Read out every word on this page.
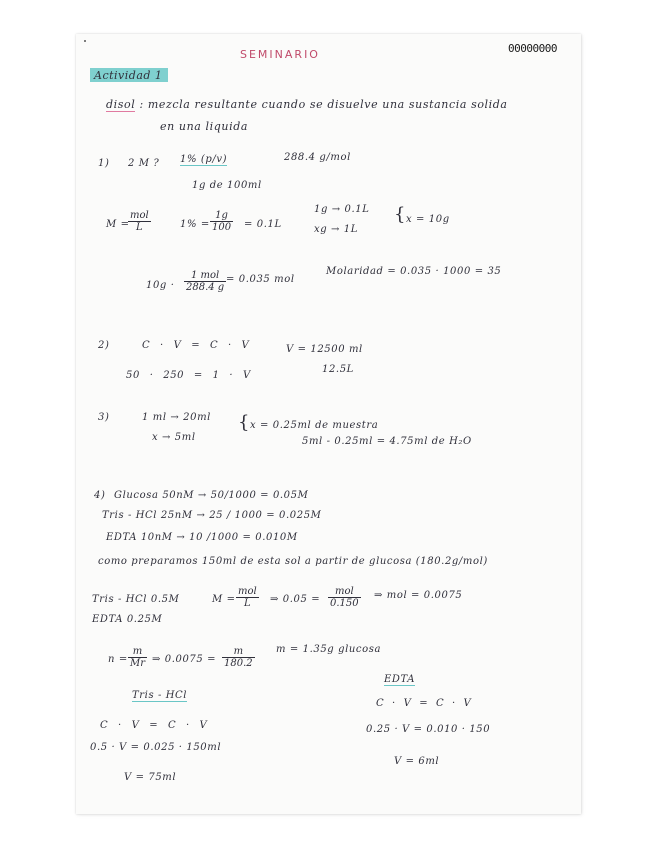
SEMINARIO	00000000
Actividad 1
disol : mezcla resultante cuando se disuelve una sustancia solida
en una liquida
1) 2 M ? 1% (p/v)	288.4 g/mol
1g de 100ml
M =
mol
L	$1\% = \frac{1g}{100} = 0.1L$
1g → 0.1L
xg → 1L
{ x = 10g
10g ·
1 mol
288.4 g
= 0.035 mol
Molaridad = 0.035 · 1000 = 35
2)	C · V = C · V	V = 12500 ml
50 · 250 = 1 · V
12.5L
3)	1 ml → 20ml
x → 5ml
{ x = 0.25ml de muestra
5ml - 0.25ml = 4.75ml de H₂O
4) Glucosa 50nM → 50/1000 = 0.05M
Tris - HCl 25nM → 25 / 1000 = 0.025M
EDTA 10nM → 10 /1000 = 0.010M
como preparamos 150ml de esta sol a partir de glucosa (180.2g/mol)
Tris - HCl 0.5M
EDTA 0.25M
M =
mol
L	⇒ 0.05 =
mol
0.150
⇒ mol = 0.0075
$n = \frac{m}{Mr}$ ⇒ $0.0075 = \frac{m}{180.2}$ m = 1.35g glucosa
Tris - HCl
C · V = C · V
0.5 · V = 0.025 · 150ml
V = 75ml
EDTA
C · V = C · V
0.25 · V = 0.010 · 150
V = 6ml
